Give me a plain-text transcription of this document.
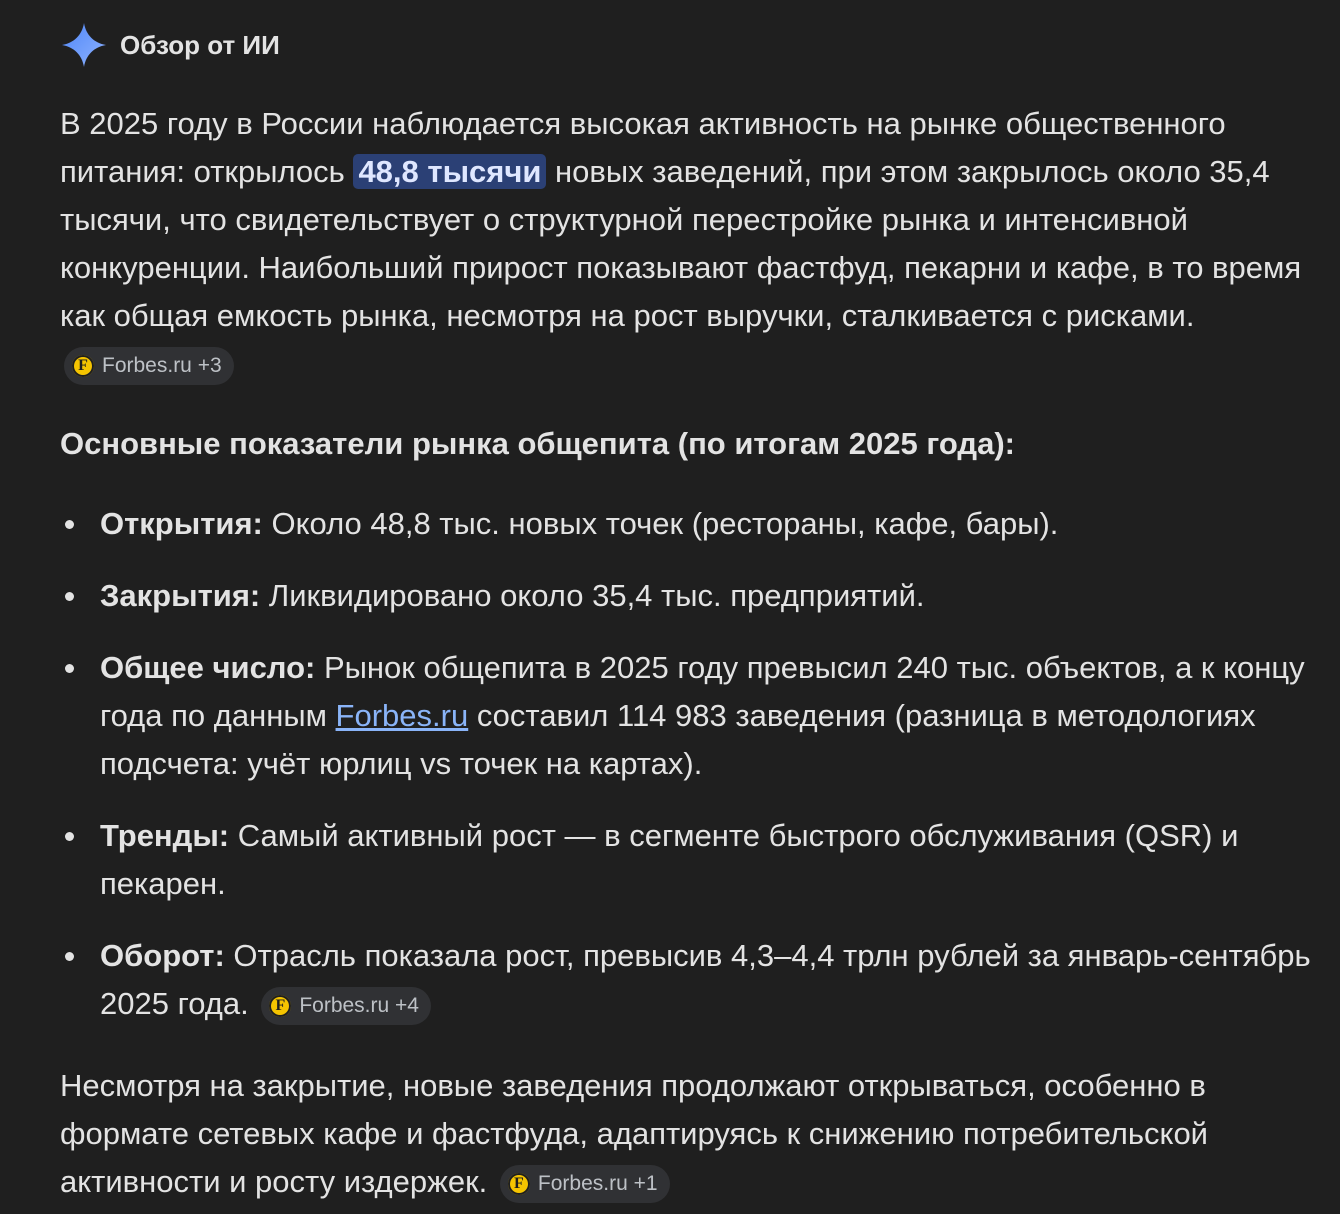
Обзор от ИИ

В 2025 году в России наблюдается высокая активность на рынке общественного питания: открылось 48,8 тысячи новых заведений, при этом закрылось около 35,4 тысячи, что свидетельствует о структурной перестройке рынка и интенсивной конкуренции. Наибольший прирост показывают фастфуд, пекарни и кафе, в то время как общая емкость рынка, несмотря на рост выручки, сталкивается с рисками.
F Forbes.ru +3

Основные показатели рынка общепита (по итогам 2025 года):

Открытия: Около 48,8 тыс. новых точек (рестораны, кафе, бары).
Закрытия: Ликвидировано около 35,4 тыс. предприятий.
Общее число: Рынок общепита в 2025 году превысил 240 тыс. объектов, а к концу года по данным Forbes.ru составил 114 983 заведения (разница в методологиях подсчета: учёт юрлиц vs точек на картах).
Тренды: Самый активный рост — в сегменте быстрого обслуживания (QSR) и пекарен.
Оборот: Отрасль показала рост, превысив 4,3–4,4 трлн рублей за январь-сентябрь 2025 года.	F Forbes.ru +4

Несмотря на закрытие, новые заведения продолжают открываться, особенно в формате сетевых кафе и фастфуда, адаптируясь к снижению потребительской активности и росту издержек.	F Forbes.ru +1
